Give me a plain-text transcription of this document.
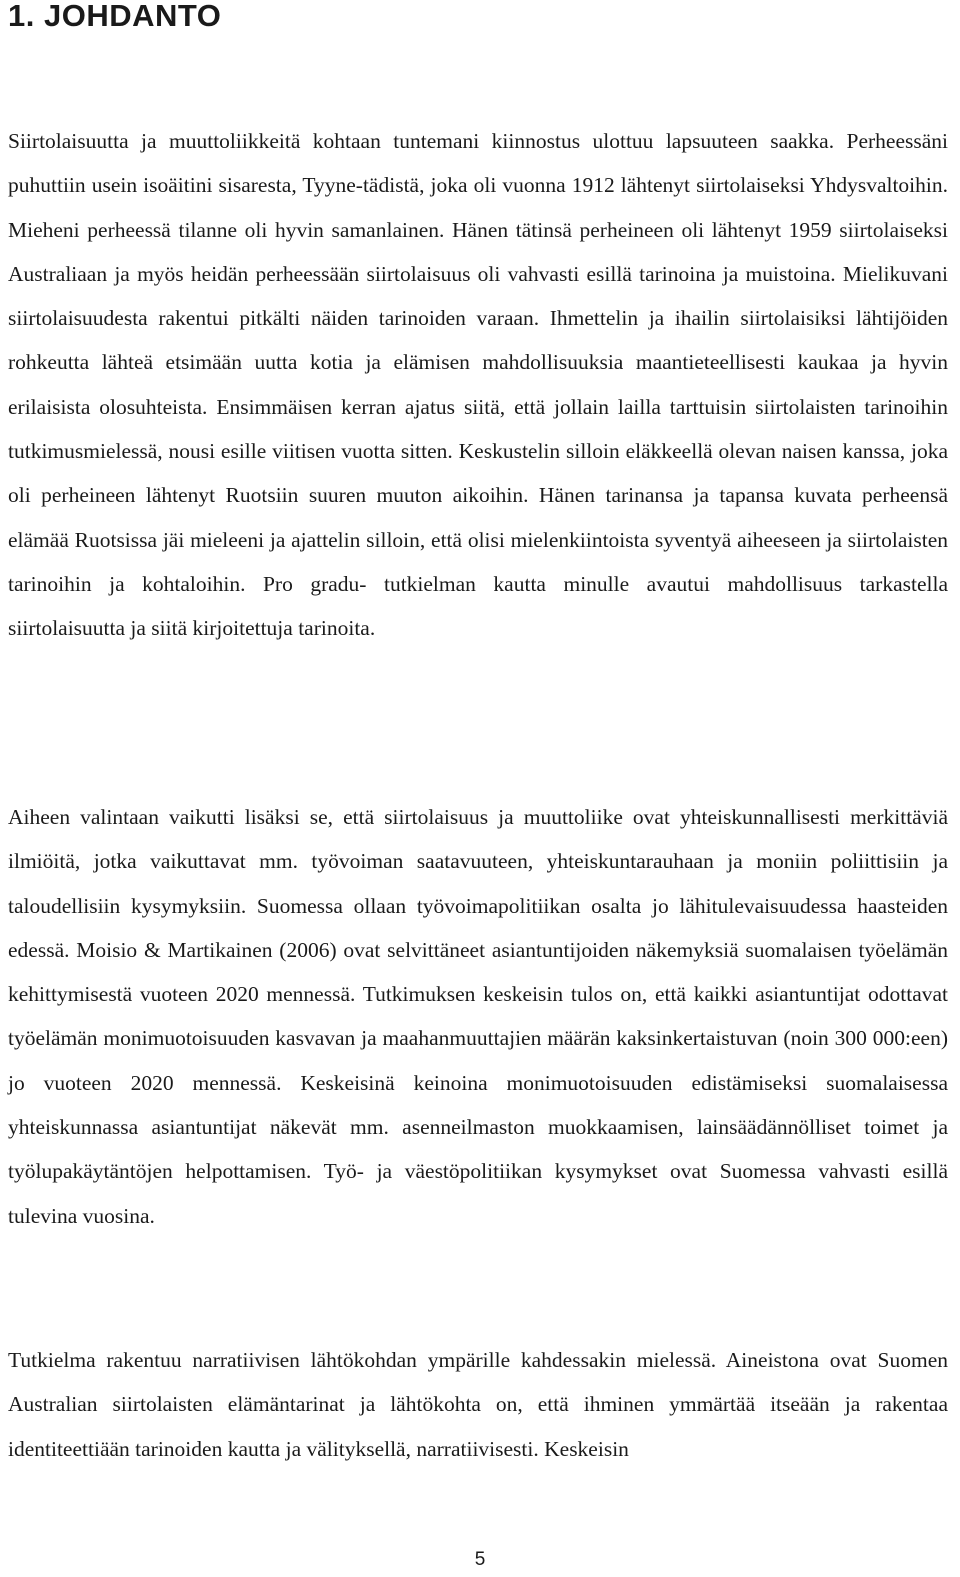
1. JOHDANTO

Siirtolaisuutta ja muuttoliikkeitä kohtaan tuntemani kiinnostus ulottuu lapsuuteen saakka. Perheessäni puhuttiin usein isoäitini sisaresta, Tyyne-tädistä, joka oli vuonna 1912 lähtenyt siirtolaiseksi Yhdysvaltoihin. Mieheni perheessä tilanne oli hyvin samanlainen. Hänen tätinsä perheineen oli lähtenyt 1959 siirtolaiseksi Australiaan ja myös heidän perheessään siirtolaisuus oli vahvasti esillä tarinoina ja muistoina. Mielikuvani siirtolaisuudesta rakentui pitkälti näiden tarinoiden varaan. Ihmettelin ja ihailin siirtolaisiksi lähtijöiden rohkeutta lähteä etsimään uutta kotia ja elämisen mahdollisuuksia maantieteellisesti kaukaa ja hyvin erilaisista olosuhteista. Ensimmäisen kerran ajatus siitä, että jollain lailla tarttuisin siirtolaisten tarinoihin tutkimusmielessä, nousi esille viitisen vuotta sitten. Keskustelin silloin eläkkeellä olevan naisen kanssa, joka oli perheineen lähtenyt Ruotsiin suuren muuton aikoihin. Hänen tarinansa ja tapansa kuvata perheensä elämää Ruotsissa jäi mieleeni ja ajattelin silloin, että olisi mielenkiintoista syventyä aiheeseen ja siirtolaisten tarinoihin ja kohtaloihin. Pro gradu- tutkielman kautta minulle avautui mahdollisuus tarkastella siirtolaisuutta ja siitä kirjoitettuja tarinoita.

Aiheen valintaan vaikutti lisäksi se, että siirtolaisuus ja muuttoliike ovat yhteiskunnallisesti merkittäviä ilmiöitä, jotka vaikuttavat mm. työvoiman saatavuuteen, yhteiskuntarauhaan ja moniin poliittisiin ja taloudellisiin kysymyksiin. Suomessa ollaan työvoimapolitiikan osalta jo lähitulevaisuudessa haasteiden edessä. Moisio & Martikainen (2006) ovat selvittäneet asiantuntijoiden näkemyksiä suomalaisen työelämän kehittymisestä vuoteen 2020 mennessä. Tutkimuksen keskeisin tulos on, että kaikki asiantuntijat odottavat työelämän monimuotoisuuden kasvavan ja maahanmuuttajien määrän kaksinkertaistuvan (noin 300 000:een) jo vuoteen 2020 mennessä. Keskeisinä keinoina monimuotoisuuden edistämiseksi suomalaisessa yhteiskunnassa asiantuntijat näkevät mm. asenneilmaston muokkaamisen, lainsäädännölliset toimet ja työlupakäytäntöjen helpottamisen. Työ- ja väestöpolitiikan kysymykset ovat Suomessa vahvasti esillä tulevina vuosina.

Tutkielma rakentuu narratiivisen lähtökohdan ympärille kahdessakin mielessä. Aineistona ovat Suomen Australian siirtolaisten elämäntarinat ja lähtökohta on, että ihminen ymmärtää itseään ja rakentaa identiteettiään tarinoiden kautta ja välityksellä, narratiivisesti. Keskeisin

5
